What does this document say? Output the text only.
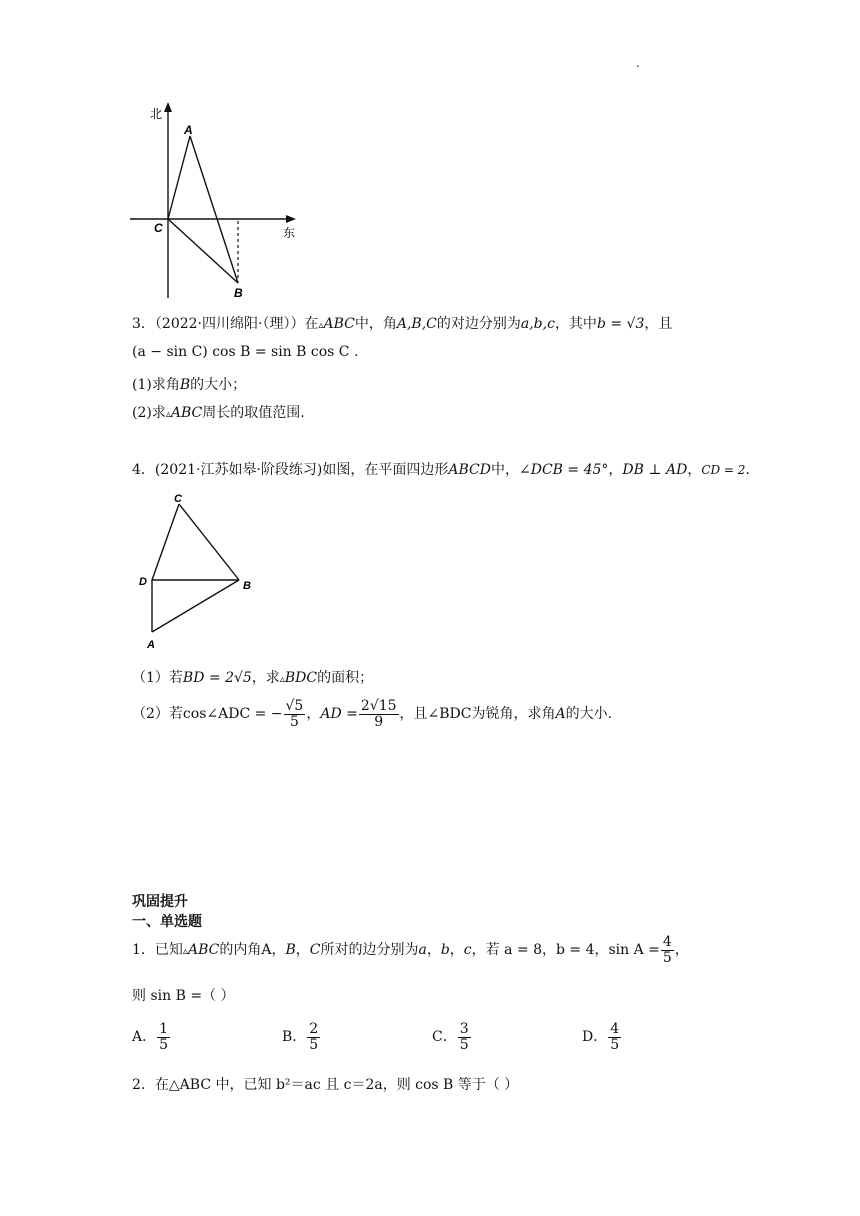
.
北
东
A
C
B
3．（2022·四川绵阳·（理））在▵ABC中，角A,B,C的对边分别为a,b,c，其中b = √3，且
(a − sin C) cos B = sin B cos C .
(1)求角B的大小；
(2)求▵ABC周长的取值范围.
4．(2021·江苏如皋·阶段练习)如图，在平面四边形ABCD中，∠DCB = 45°，DB ⊥ AD，CD = 2．
C
D	B
A
（1）若BD = 2√5，求▵BDC的面积；
（2）若cos∠ADC = − $\frac{√5}{5}$ ，AD = $\frac{2√15}{9}$ ，且∠BDC为锐角，求角A的大小.
巩固提升
一、单选题
1．已知▵ABC的内角A，B，C所对的边分别为a，b，c，若 a = 8，b = 4，$\sin A = \frac{4}{5}$ ，
则 sin B =（ ）
A． $\frac{1}{5}$	B． $\frac{2}{5}$	C． $\frac{3}{5}$	D． $\frac{4}{5}$
2．在△ABC 中，已知 b²＝ac 且 c＝2a，则 cos B 等于（ ）
